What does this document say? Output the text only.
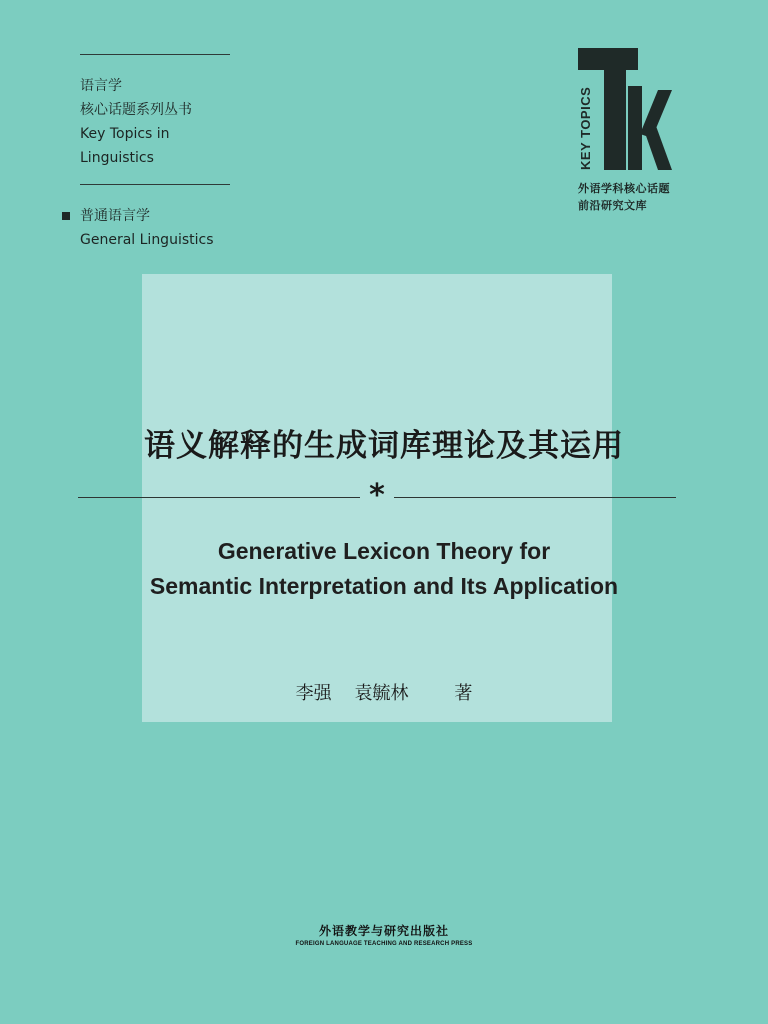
语言学
核心话题系列丛书
Key Topics in
Linguistics
普通语言学
General Linguistics
KEY TOPICS
外语学科核心话题
前沿研究文库
语义解释的生成词库理论及其运用
*
Generative Lexicon Theory for
Semantic Interpretation and Its Application
李强    袁毓林        著
外语教学与研究出版社
FOREIGN LANGUAGE TEACHING AND RESEARCH PRESS
